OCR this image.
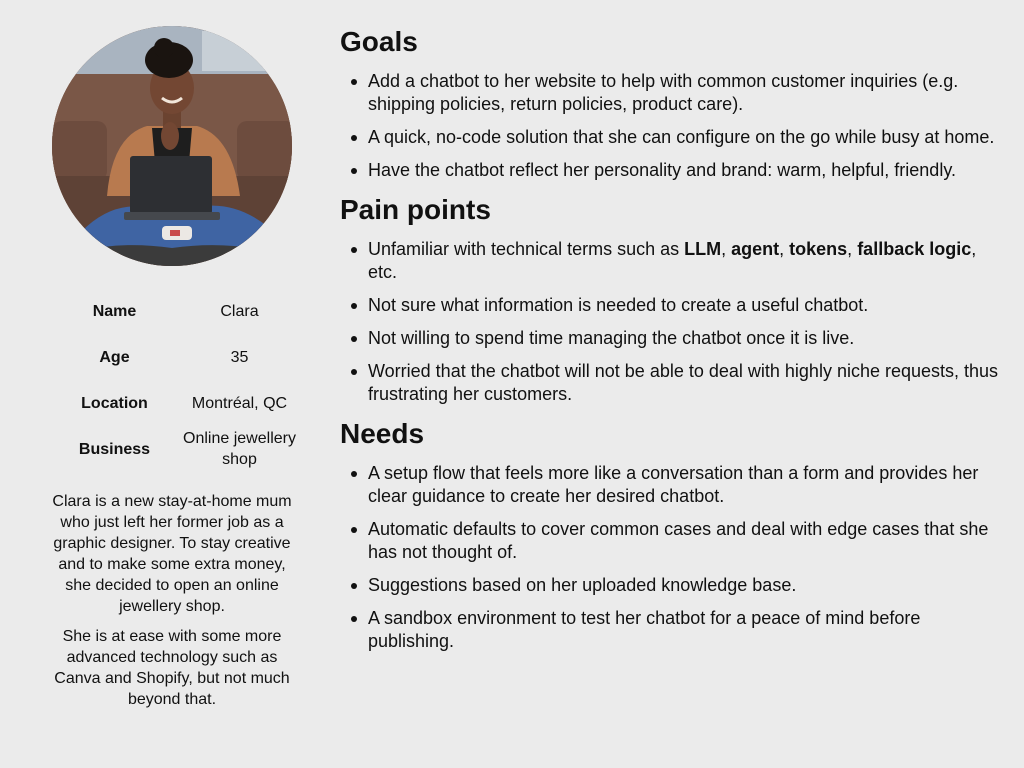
Name	Clara
Age	35
Location	Montréal, QC
Business	Online jewellery shop

Clara is a new stay-at-home mum who just left her former job as a graphic designer. To stay creative and to make some extra money, she decided to open an online jewellery shop.

She is at ease with some more advanced technology such as Canva and Shopify, but not much beyond that.

Goals
Add a chatbot to her website to help with common customer inquiries (e.g. shipping policies, return policies, product care).
A quick, no-code solution that she can configure on the go while busy at home.
Have the chatbot reflect her personality and brand: warm, helpful, friendly.
Pain points
Unfamiliar with technical terms such as LLM, agent, tokens, fallback logic, etc.
Not sure what information is needed to create a useful chatbot.
Not willing to spend time managing the chatbot once it is live.
Worried that the chatbot will not be able to deal with highly niche requests, thus frustrating her customers.
Needs
A setup flow that feels more like a conversation than a form and provides her clear guidance to create her desired chatbot.
Automatic defaults to cover common cases and deal with edge cases that she has not thought of.
Suggestions based on her uploaded knowledge base.
A sandbox environment to test her chatbot for a peace of mind before publishing.
